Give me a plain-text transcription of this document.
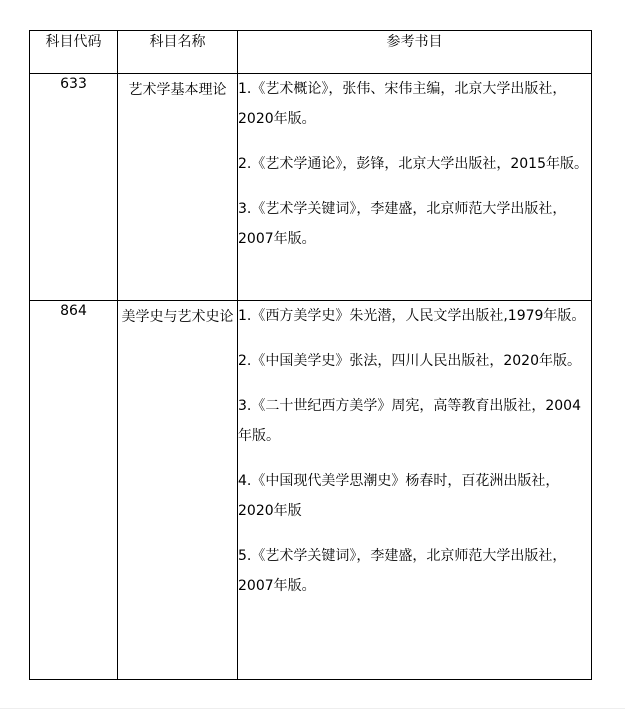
科目代码	科目名称	参考书目
633	艺术学基本理论	1.《艺术概论》，张伟、宋伟主编，北京大学出版社，2020年版。
2.《艺术学通论》，彭锋，北京大学出版社，2015年版。
3.《艺术学关键词》，李建盛，北京师范大学出版社，2007年版。

864	美学史与艺术史论	1.《西方美学史》朱光潜，人民文学出版社,1979年版。
2.《中国美学史》张法，四川人民出版社，2020年版。
3.《二十世纪西方美学》周宪，高等教育出版社，2004年版。
4.《中国现代美学思潮史》杨春时，百花洲出版社，2020年版
5.《艺术学关键词》，李建盛，北京师范大学出版社，2007年版。
